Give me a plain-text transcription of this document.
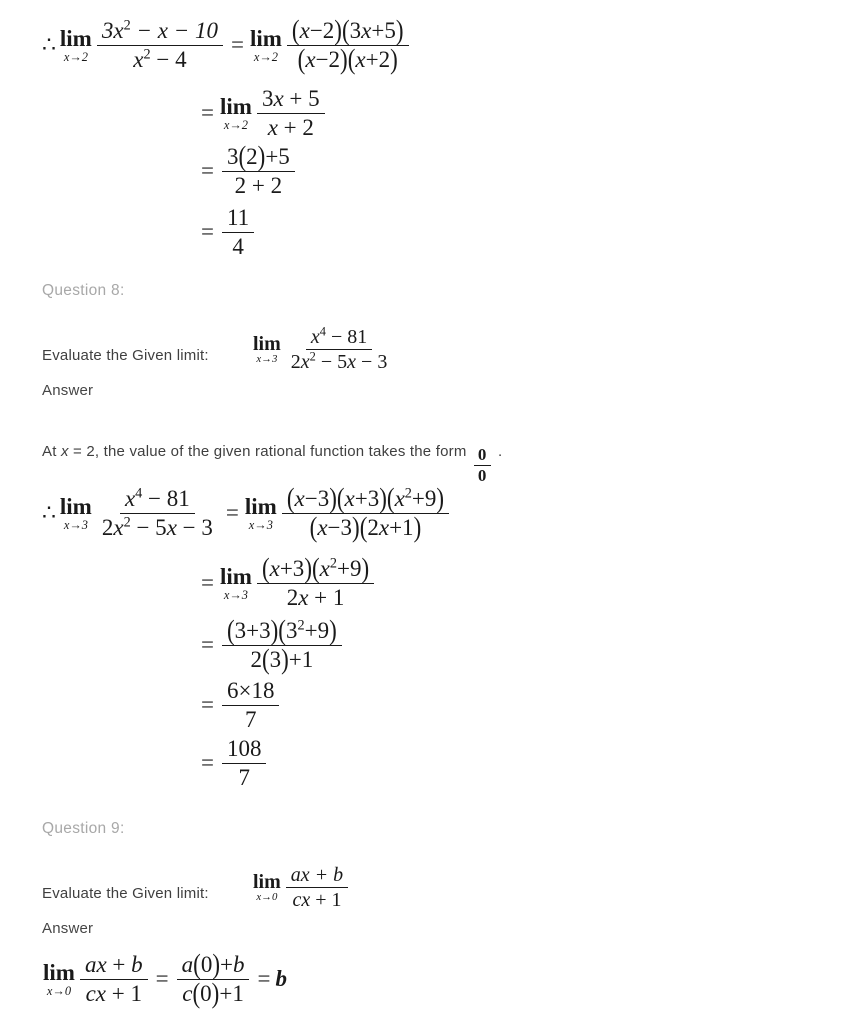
∴ lim
$x\to 2 \frac{3x^2 - x - 10}{x^2 - 4} = \lim$
$x\to 2 \frac{(x-2)(3x+5)}{(x-2)(x+2)}$
= lim
$x\to 2 \frac{3x + 5}{x + 2}$
= $\frac{3(2)+5}{2 + 2}$
= $\frac{11}{4}$
Question 8:
Evaluate the Given limit:
lim
$x\to 3 \frac{x^4 - 81}{2x^2 - 5x - 3}$
Answer
At x = 2, the value of the given rational function takes the form $\frac{0}{0}$ .
∴ lim
$x\to 3 \frac{x^4 - 81}{2x^2 - 5x - 3} = \lim$
$x\to 3 \frac{(x-3)(x+3)(x^2+9)}{(x-3)(2x+1)}$
= lim
$x\to 3 \frac{(x+3)(x^2+9)}{2x + 1}$
= $\frac{(3+3)(3^2+9)}{2(3)+1}$
= $\frac{6\times 18}{7}$
= $\frac{108}{7}$
Question 9:
Evaluate the Given limit:
lim
$x\to 0 \frac{ax + b}{cx + 1}$
Answer
lim
$x\to 0 \frac{ax + b}{cx + 1} = \frac{a(0)+b}{c(0)+1} = b$
